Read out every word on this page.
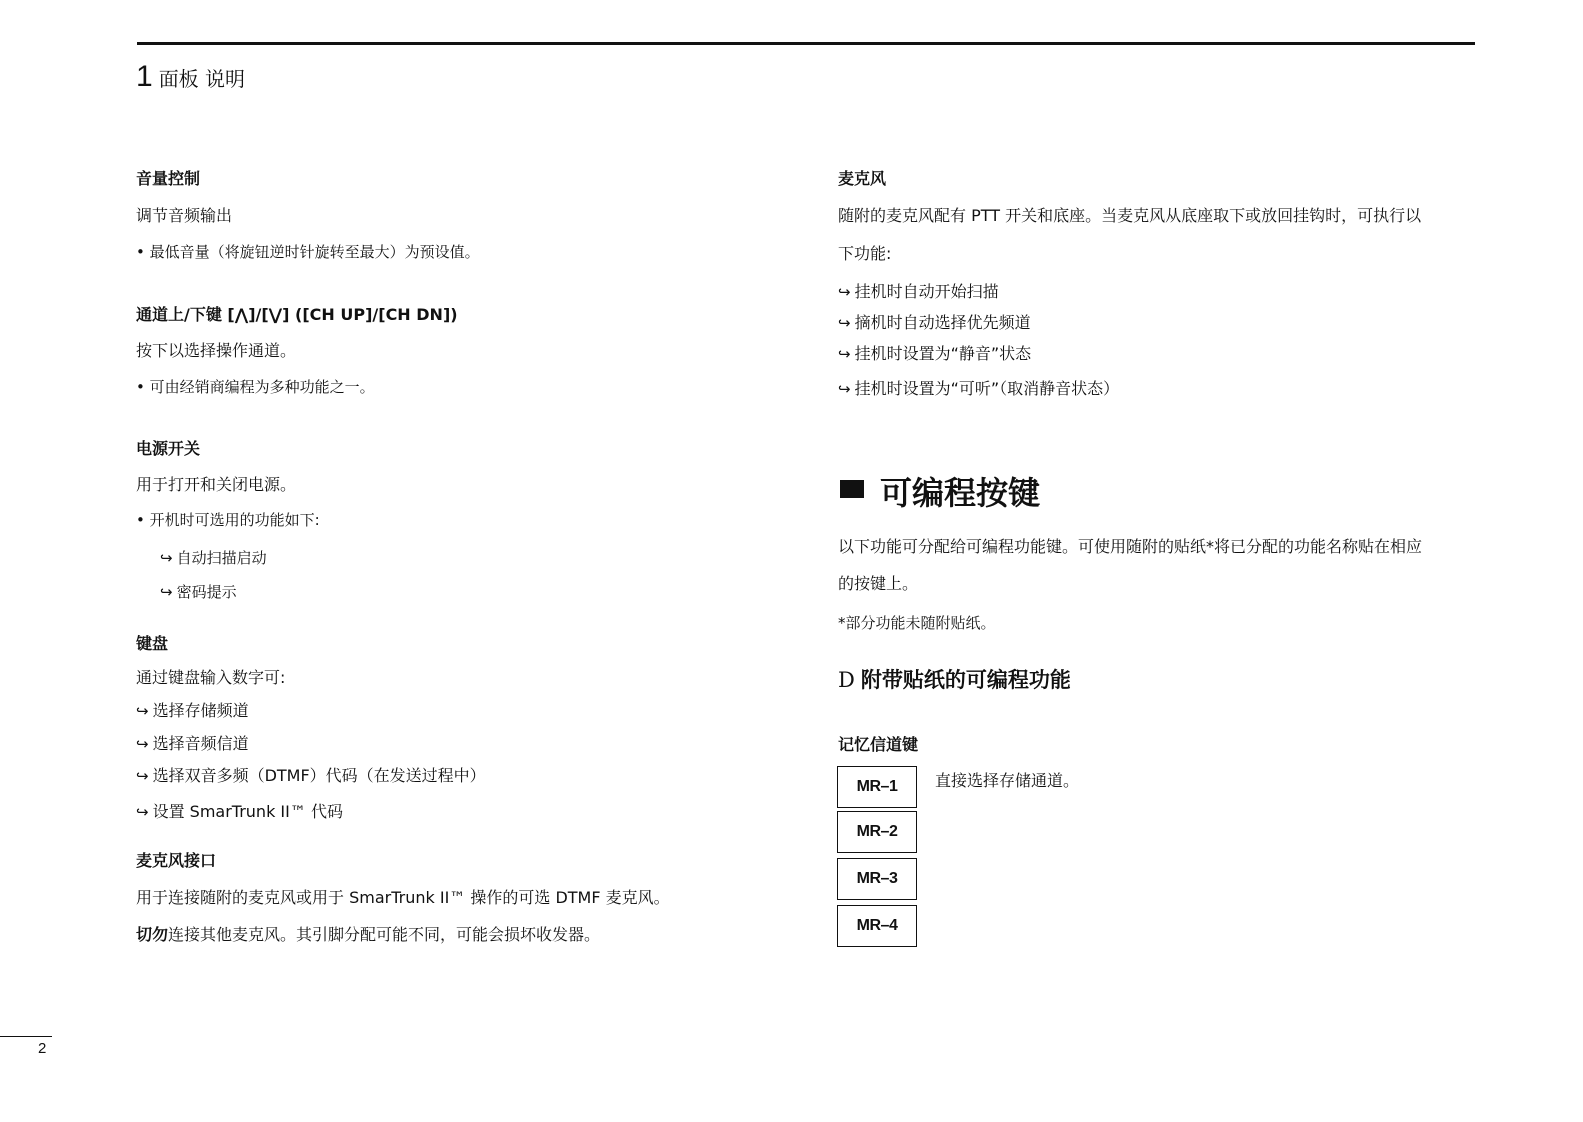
1 面板 说明
音量控制
调节音频输出
• 最低音量（将旋钮逆时针旋转至最大）为预设值。
通道上/下键 [⋀]/[⋁] ([CH UP]/[CH DN])
按下以选择操作通道。
• 可由经销商编程为多种功能之一。
电源开关
用于打开和关闭电源。
• 开机时可选用的功能如下:
↪ 自动扫描启动
↪ 密码提示
键盘
通过键盘输入数字可:
↪ 选择存储频道
↪ 选择音频信道
↪ 选择双音多频（DTMF）代码（在发送过程中）
↪ 设置 SmarTrunk II™ 代码
麦克风接口
用于连接随附的麦克风或用于 SmarTrunk II™ 操作的可选 DTMF 麦克风。
切勿连接其他麦克风。其引脚分配可能不同，可能会损坏收发器。
麦克风
随附的麦克风配有 PTT 开关和底座。当麦克风从底座取下或放回挂钩时，可执行以
下功能:
↪ 挂机时自动开始扫描
↪ 摘机时自动选择优先频道
↪ 挂机时设置为“静音”状态
↪ 挂机时设置为“可听”（取消静音状态）
可编程按键
以下功能可分配给可编程功能键。可使用随附的贴纸*将已分配的功能名称贴在相应
的按键上。
*部分功能未随附贴纸。
D 附带贴纸的可编程功能
记忆信道键
直接选择存储通道。
MR–1
MR–2
MR–3
MR–4
2
